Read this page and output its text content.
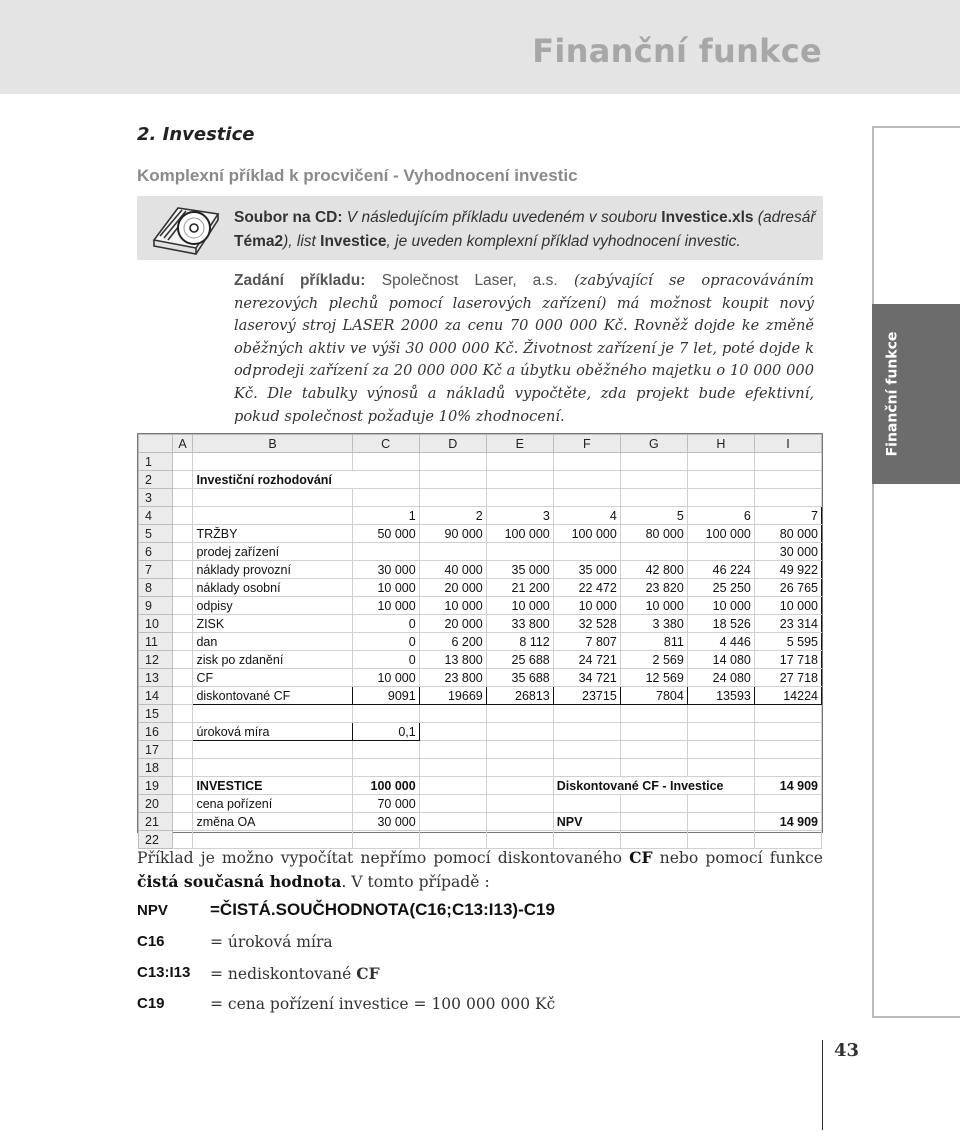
Finanční funkce
2. Investice
Komplexní příklad k procvičení - Vyhodnocení investic
Soubor na CD: V následujícím příkladu uvedeném v souboru Investice.xls (adresář Téma2), list Investice, je uveden komplexní příklad vyhodnocení investic.
Zadání příkladu: Společnost Laser, a.s. (zabývající se opracováváním nerezových plechů pomocí laserových zařízení) má možnost koupit nový laserový stroj LASER 2000 za cenu 70 000 000 Kč. Rovněž dojde ke změně oběžných aktiv ve výši 30 000 000 Kč. Životnost zařízení je 7 let, poté dojde k odprodeji zařízení za 20 000 000 Kč a úbytku oběžného majetku o 10 000 000 Kč. Dle tabulky výnosů a nákladů vypočtěte, zda projekt bude efektivní, pokud společnost požaduje 10% zhodnocení.	Finanční funkce
	A	B	C	D	E	F	G	H	I
1									
2		Investiční rozhodování							
3									
4			1	2	3	4	5	6	7
5		TRŽBY	50 000	90 000	100 000	100 000	80 000	100 000	80 000
6		prodej zařízení							30 000
7		náklady provozní	30 000	40 000	35 000	35 000	42 800	46 224	49 922
8		náklady osobní	10 000	20 000	21 200	22 472	23 820	25 250	26 765
9		odpisy	10 000	10 000	10 000	10 000	10 000	10 000	10 000
10		ZISK	0	20 000	33 800	32 528	3 380	18 526	23 314
11		dan	0	6 200	8 112	7 807	811	4 446	5 595
12		zisk po zdanění	0	13 800	25 688	24 721	2 569	14 080	17 718
13		CF	10 000	23 800	35 688	34 721	12 569	24 080	27 718
14		diskontované CF	9091	19669	26813	23715	7804	13593	14224
15									
16		úroková míra	0,1						
17									
18									
19		INVESTICE	100 000			Diskontované CF - Investice			14 909
20		cena pořízení	70 000						
21		změna OA	30 000			NPV			14 909
22									
Příklad je možno vypočítat nepřímo pomocí diskontovaného CF nebo pomocí funkce čistá současná hodnota. V tomto případě :
NPV =ČISTÁ.SOUČHODNOTA(C16;C13:I13)-C19
C16	= úroková míra
C13:I13 = nediskontované CF
C19	= cena pořízení investice = 100 000 000 Kč
43
